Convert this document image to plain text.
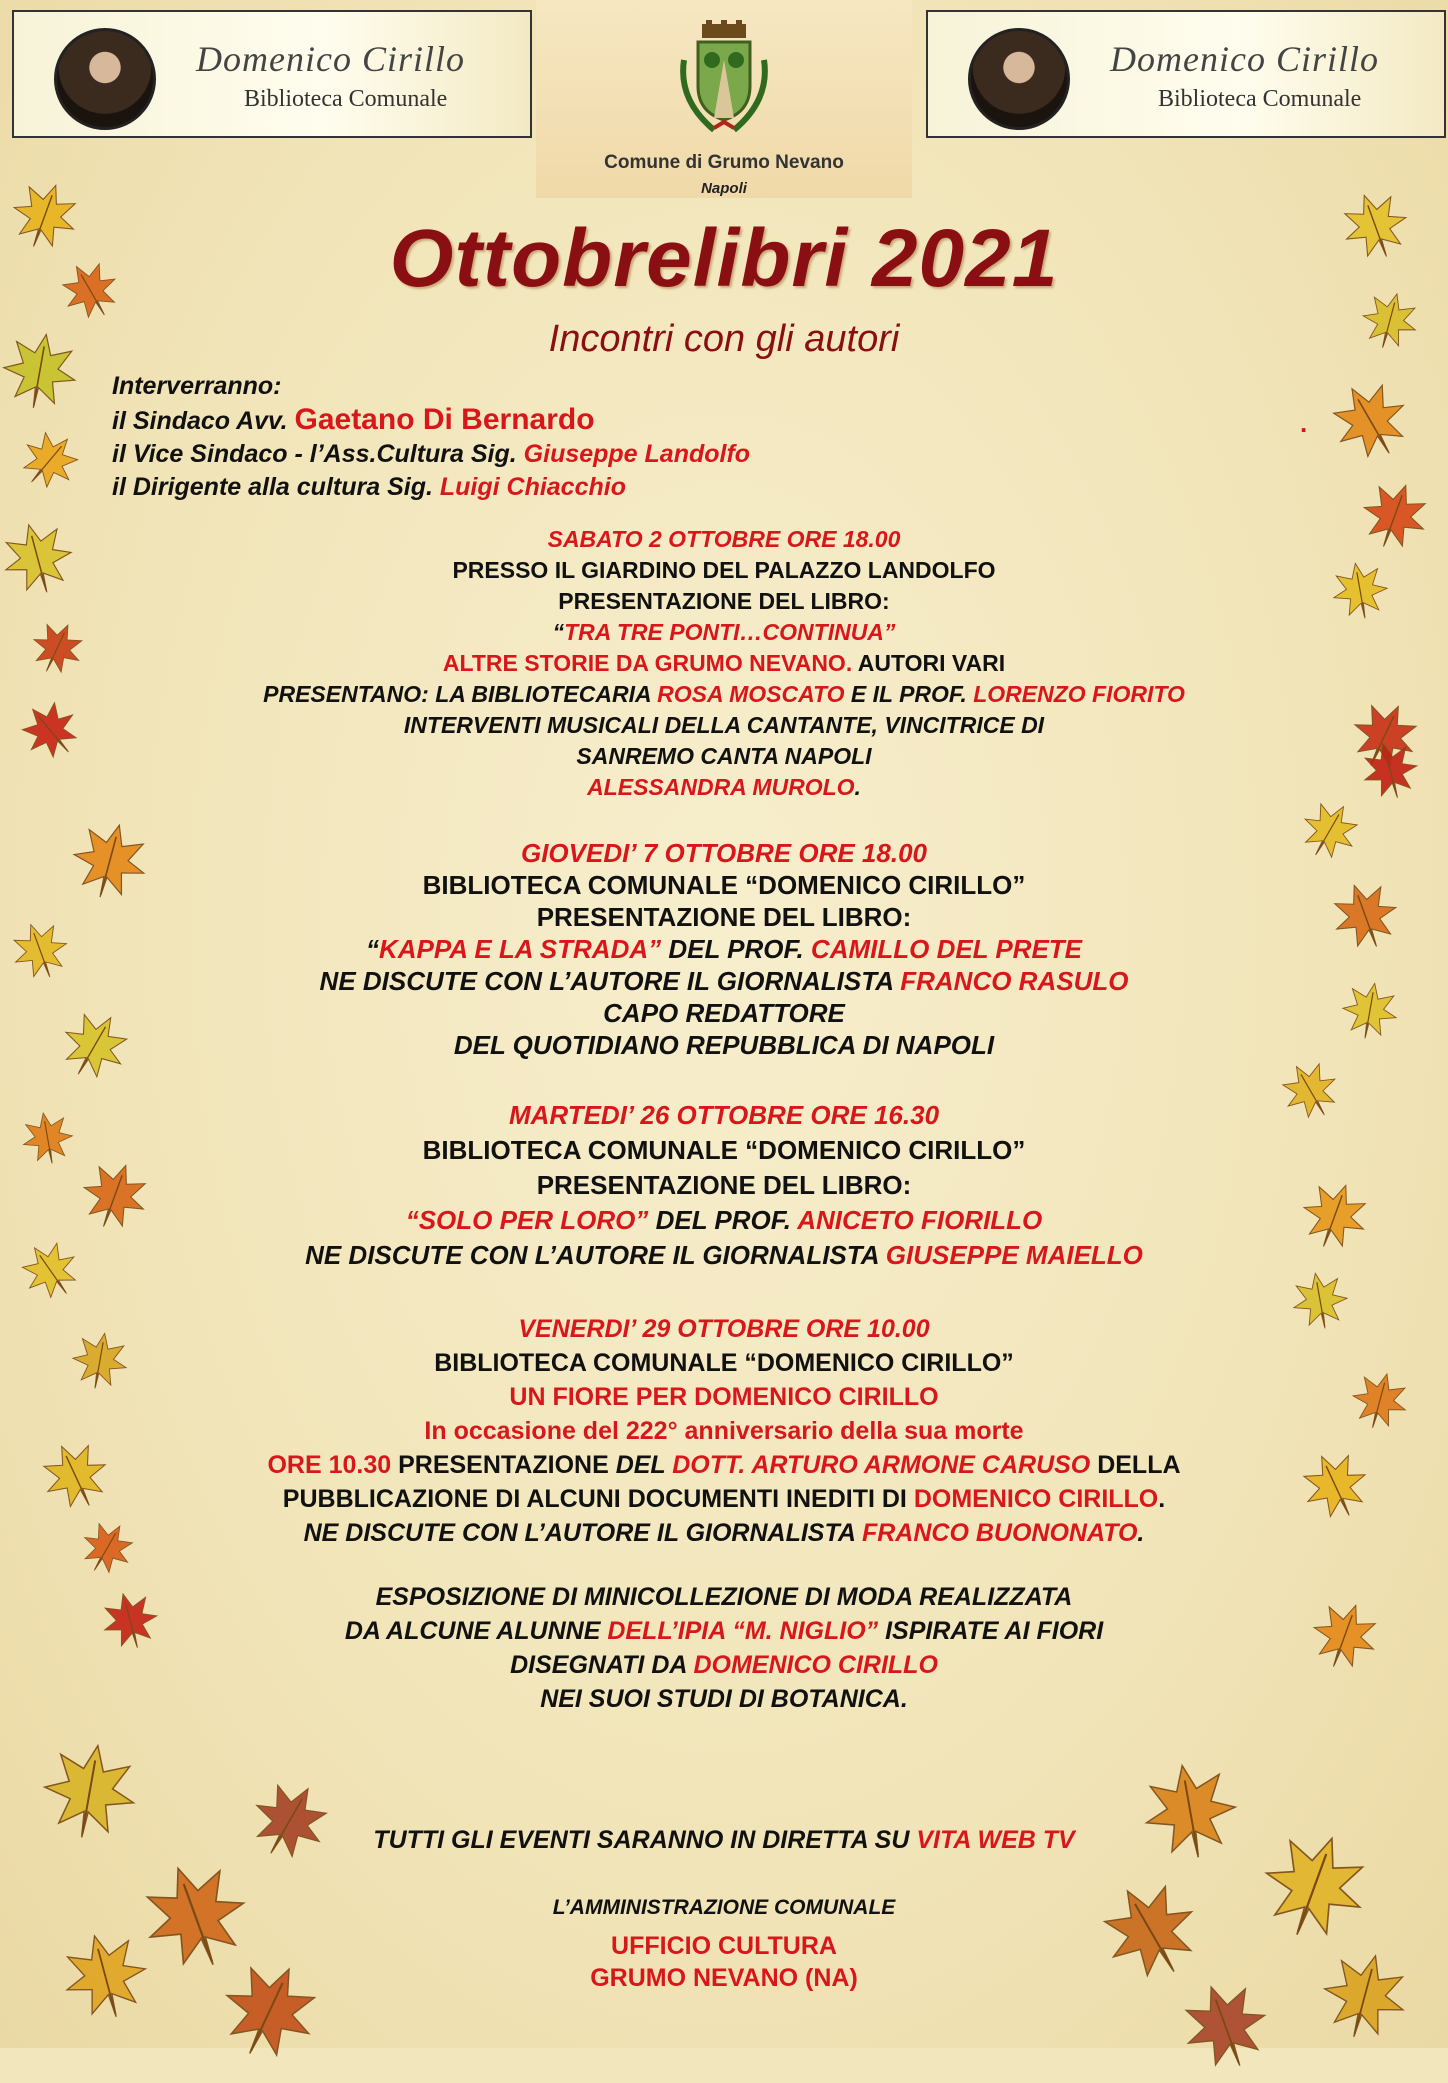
Domenico Cirillo
Biblioteca Comunale
Comune di Grumo Nevano
Napoli
Domenico Cirillo
Biblioteca Comunale
Ottobrelibri 2021
Incontri con gli autori
Interverranno:
il Sindaco Avv. Gaetano Di Bernardo
il Vice Sindaco - l’Ass.Cultura Sig. Giuseppe Landolfo
il Dirigente alla cultura Sig. Luigi Chiacchio
.
SABATO 2 OTTOBRE ORE 18.00
PRESSO IL GIARDINO DEL PALAZZO LANDOLFO
PRESENTAZIONE DEL LIBRO:
“TRA TRE PONTI…CONTINUA”
ALTRE STORIE DA GRUMO NEVANO. AUTORI VARI
PRESENTANO: LA BIBLIOTECARIA ROSA MOSCATO E IL PROF. LORENZO FIORITO
INTERVENTI MUSICALI DELLA CANTANTE, VINCITRICE DI
SANREMO CANTA NAPOLI
ALESSANDRA MUROLO.
GIOVEDI’ 7 OTTOBRE ORE 18.00
BIBLIOTECA COMUNALE “DOMENICO CIRILLO”
PRESENTAZIONE DEL LIBRO:
“KAPPA E LA STRADA” DEL PROF. CAMILLO DEL PRETE
NE DISCUTE CON L’AUTORE IL GIORNALISTA FRANCO RASULO
CAPO REDATTORE
DEL QUOTIDIANO REPUBBLICA DI NAPOLI
MARTEDI’ 26 OTTOBRE ORE 16.30
BIBLIOTECA COMUNALE “DOMENICO CIRILLO”
PRESENTAZIONE DEL LIBRO:
“SOLO PER LORO” DEL PROF. ANICETO FIORILLO
NE DISCUTE CON L’AUTORE IL GIORNALISTA GIUSEPPE MAIELLO
VENERDI’ 29 OTTOBRE ORE 10.00
BIBLIOTECA COMUNALE “DOMENICO CIRILLO”
UN FIORE PER DOMENICO CIRILLO
In occasione del 222° anniversario della sua morte
ORE 10.30 PRESENTAZIONE DEL DOTT. ARTURO ARMONE CARUSO DELLA
PUBBLICAZIONE DI ALCUNI DOCUMENTI INEDITI DI DOMENICO CIRILLO.
NE DISCUTE CON L’AUTORE IL GIORNALISTA FRANCO BUONONATO.
ESPOSIZIONE DI MINICOLLEZIONE DI MODA REALIZZATA
DA ALCUNE ALUNNE DELL’IPIA “M. NIGLIO” ISPIRATE AI FIORI
DISEGNATI DA DOMENICO CIRILLO
NEI SUOI STUDI DI BOTANICA.
TUTTI GLI EVENTI SARANNO IN DIRETTA SU VITA WEB TV
L’AMMINISTRAZIONE COMUNALE
UFFICIO CULTURA
GRUMO NEVANO (NA)
